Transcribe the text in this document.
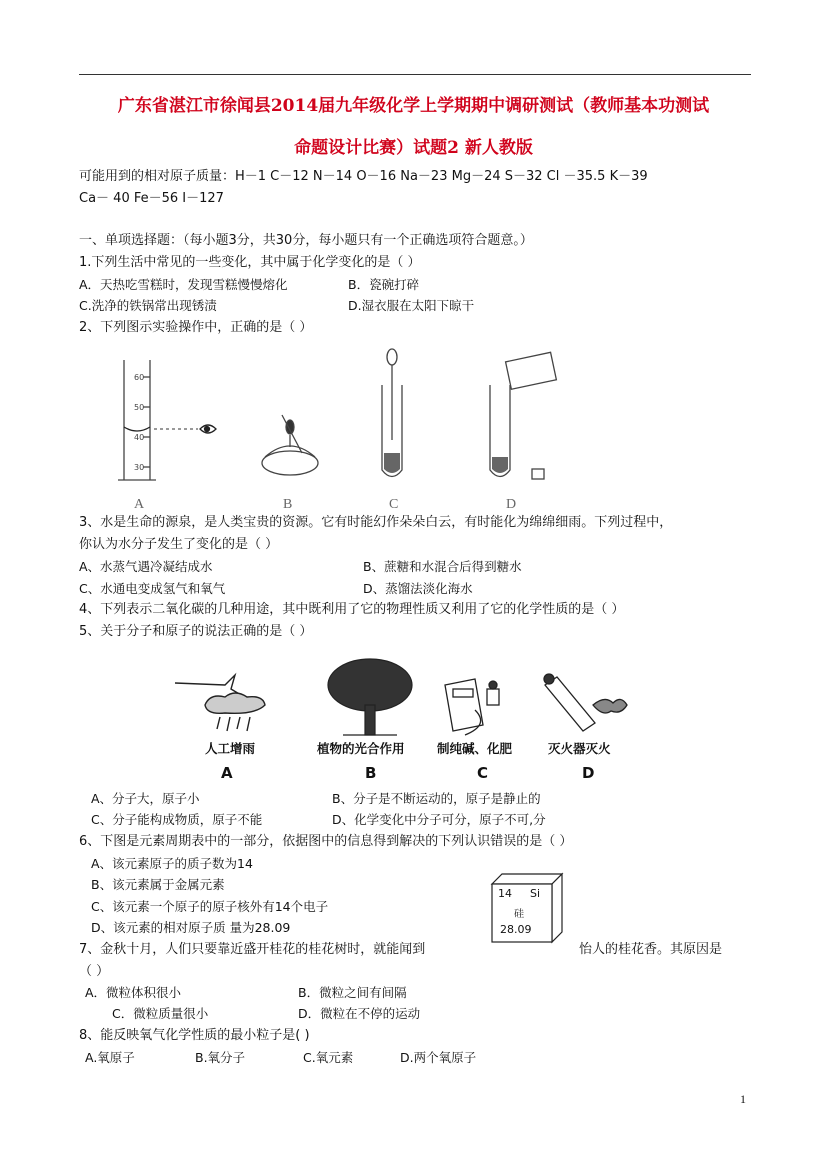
广东省湛江市徐闻县2014届九年级化学上学期期中调研测试（教师基本功测试
命题设计比赛）试题2 新人教版
可能用到的相对原子质量：H－1 C－12 N－14 O－16 Na－23 Mg－24 S－32 Cl －35.5 K－39
Ca－ 40 Fe－56 I－127
一、单项选择题：（每小题3分，共30分，每小题只有一个正确选项符合题意。）
1.下列生活中常见的一些变化，其中属于化学变化的是（ ）
A．天热吃雪糕时，发现雪糕慢慢熔化	B．瓷碗打碎
C.洗净的铁锅常出现锈渍	D.湿衣服在太阳下晾干
2、下列图示实验操作中，正确的是（ ）
60
50
40
30
A	B	C	D
3、水是生命的源泉，是人类宝贵的资源。它有时能幻作朵朵白云，有时能化为绵绵细雨。下列过程中，
你认为水分子发生了变化的是（ ）
A、水蒸气遇冷凝结成水	B、蔗糖和水混合后得到糖水
C、水通电变成氢气和氧气	D、蒸馏法淡化海水
4、下列表示二氧化碳的几种用途，其中既利用了它的物理性质又利用了它的化学性质的是（ ）
5、关于分子和原子的说法正确的是（ ）
人工增雨	植物的光合作用	制纯碱、化肥	灭火器灭火
A	B	C	D
A、分子大，原子小	B、分子是不断运动的，原子是静止的
C、分子能构成物质，原子不能	D、化学变化中分子可分，原子不可,分
6、下图是元素周期表中的一部分，依据图中的信息得到解决的下列认识错误的是（ ）
A、该元素原子的质子数为14
B、该元素属于金属元素
C、该元素一个原子的原子核外有14个电子
D、该元素的相对原子质 量为28.09
14 Si
硅
28.09
7、金秋十月，人们只要靠近盛开桂花的桂花树时，就能闻到	怡人的桂花香。其原因是
（ ）
A．微粒体积很小	B．微粒之间有间隔
C．微粒质量很小	D．微粒在不停的运动
8、能反映氧气化学性质的最小粒子是( )
A.氧原子	B.氧分子	C.氧元素	D.两个氧原子
1
